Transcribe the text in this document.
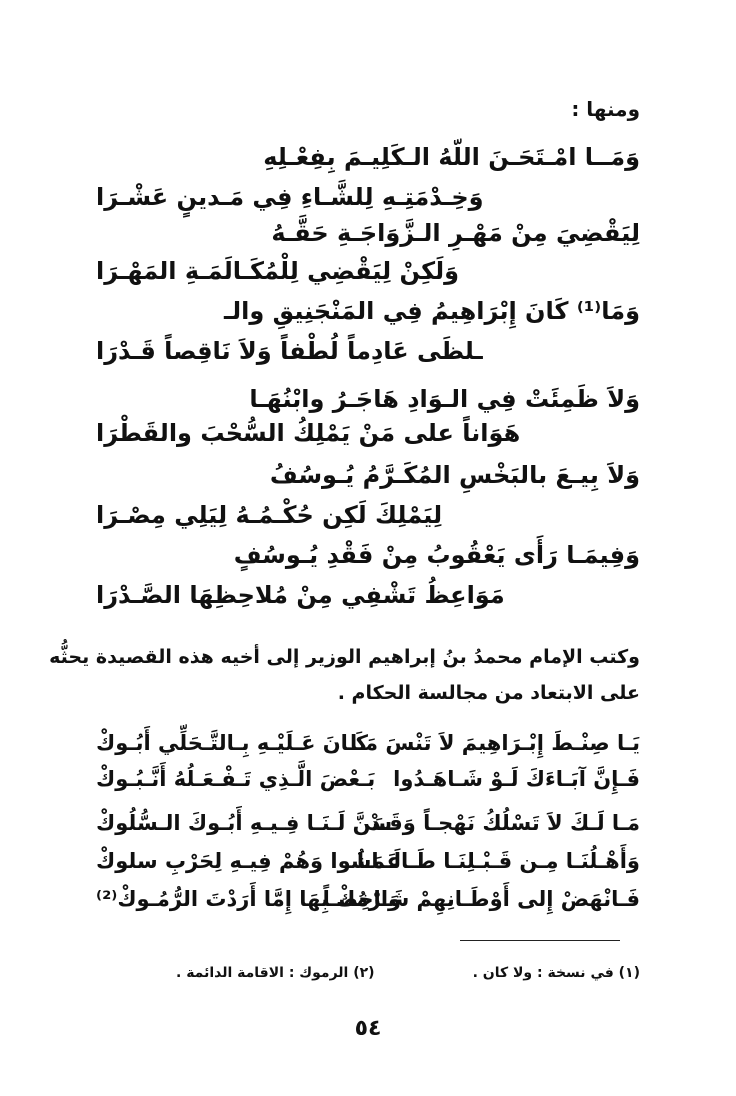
ومنها :
وَمَــا امْـتَحَـنَ اللّهُ الـكَلِيـمَ بِفِعْـلِهِ
وَخِـدْمَتِـهِ لِلشَّـاءِ فِي مَـدينٍ عَشْـرَا
لِيَقْضِيَ مِنْ مَهْـرِ الـزَّوَاجَـةِ حَقَّـهُ
وَلَكِنْ لِيَقْضِي لِلْمُكَـالَمَـةِ المَهْـرَا
وَمَا⁽¹⁾ كَانَ إِبْرَاهِيمُ فِي المَنْجَنِيقِ والـ
ـلظَى عَادِماً لُطْفاً وَلاَ نَاقِصاً قَـدْرَا
وَلاَ ظَمِئَتْ فِي الـوَادِ هَاجَـرُ وابْنُهَـا
هَوَاناً على مَنْ يَمْلِكُ السُّحْبَ والقَطْرَا
وَلاَ بِيـعَ بالبَخْسِ المُكَـرَّمُ يُـوسُفُ
لِيَمْلِكَ لَكِن حُكْـمُـهُ لِيَلِي مِصْـرَا
وَفِيمَـا رَأَى يَعْقُوبُ مِنْ فَقْدِ يُـوسُفٍ
مَوَاعِظُ تَشْفِي مِنْ مُلاحِظِهَا الصَّـدْرَا
وكتب الإمام محمدُ بنُ إبراهيم الوزير إلى أخيه هذه القصيدة يحثُّه
على الابتعاد من مجالسة الحكام .
يَـا صِنْـطَ إِبْـرَاهِيمَ لاَ تَنْسَ مَـا
كَـانَ عَـلَيْـهِ بِـالتَّـحَلِّي أَبُـوكْ
فَـإِنَّ آبَـاءَكَ لَـوْ شَـاهَـدُوا
بَـعْضَ الَّـذِي تَـفْـعَـلُهُ أَنَّـبُـوكْ
مَـا لَـكَ لاَ تَسْلُكُ نَهْجـاً وَقَـدْ
سَنَّ لَـنَـا فِـيـهِ أَبُـوكَ الـسُّلُوكْ
وَأَهْـلُنَـا مِـن قَـبْـلِنَـا طَـالَـمَـا
عَـاشُوا وَهُمْ فِيـهِ لِحَرْبِ سلوكْ
فَـانْهَضْ إِلى أَوْطَـانِهِمْ شَـاخِصـاً
وَارْمُكْ بِهَا إِمَّا أَرَدْتَ الرُّمُـوكْ⁽²⁾
(١) في نسخة : ولا كان .
(٢) الرموك : الاقامة الدائمة .
٥٤
